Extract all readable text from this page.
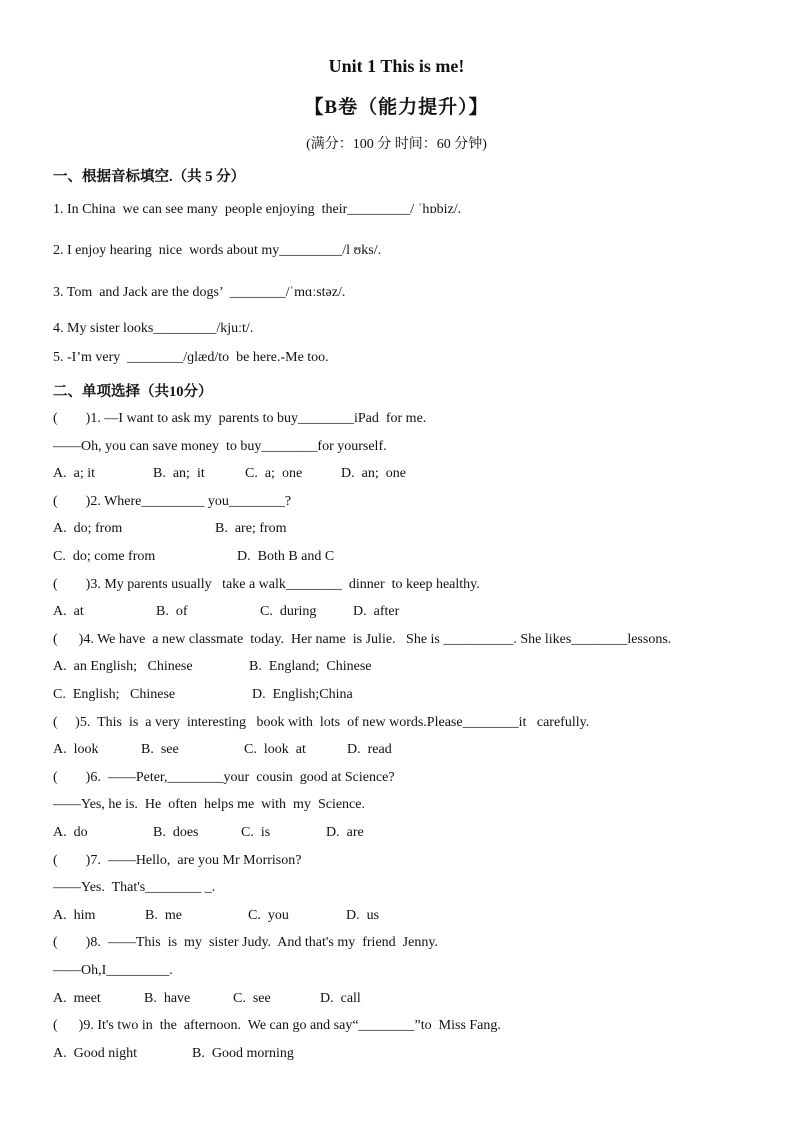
Unit 1 This is me!
【B卷（能力提升）】
(满分：100 分 时间：60 分钟)
一、根据音标填空.（共 5 分）
1. In China  we can see many  people enjoying  their_________/ ˈhɒbiz/.
2. I enjoy hearing  nice  words about my_________/l ʊks/.
3. Tom  and Jack are the dogs’  ________/ˈmɑːstəz/.
4. My sister looks_________/kjuːt/.
5. -I’m very  ________/ɡlæd/to  be here.-Me too.
二、单项选择（共10分）
(        )1. —I want to ask my  parents to buy________iPad  for me.
——Oh, you can save money  to buy________for yourself.
A.  a; it	B.  an;  it	C.  a;  one	D.  an;  one
(        )2. Where_________ you________?
A.  do; from	B.  are; from
C.  do; come from	D.  Both B and C
(        )3. My parents usually   take a walk________  dinner  to keep healthy.
A.  at	B.  of	C.  during	D.  after
(      )4. We have  a new classmate  today.  Her name  is Julie.   She is __________. She likes________lessons.
A.  an English;   Chinese	B.  England;  Chinese
C.  English;   Chinese	D.  English;China
(     )5.  This  is  a very  interesting   book with  lots  of new words.Please________it   carefully.
A.  look	B.  see	C.  look  at	D.  read
(        )6.  ——Peter,________your  cousin  good at Science?
——Yes, he is.  He  often  helps me  with  my  Science.
A.  do	B.  does	C.  is	D.  are
(        )7.  ——Hello,  are you Mr Morrison?
——Yes.  That's________ _.
A.  him	B.  me	C.  you	D.  us
(        )8.  ——This  is  my  sister Judy.  And that's my  friend  Jenny.
——Oh,I_________.
A.  meet	B.  have	C.  see	D.  call
(      )9. It's two in  the  afternoon.  We can go and say“________”to  Miss Fang.
A.  Good night	B.  Good morning
